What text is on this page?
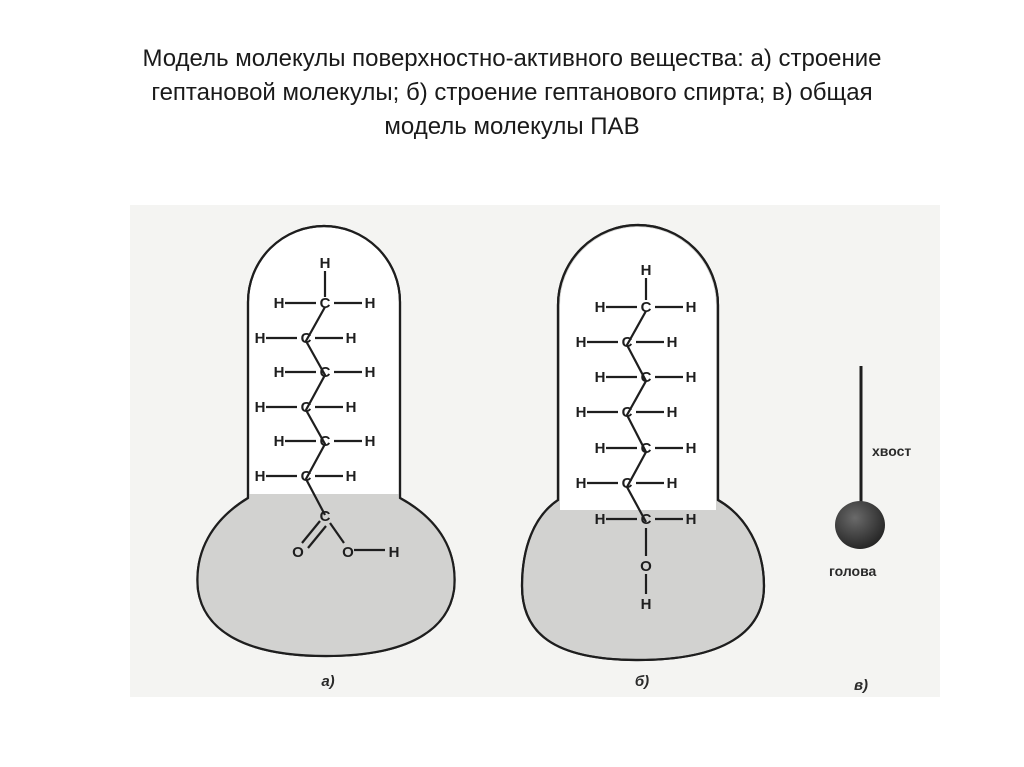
Модель молекулы поверхностно-активного вещества: а) строение
гептановой молекулы; б) строение гептанового спирта; в) общая
модель молекулы ПАВ
H
H C H
H C H
H C H
H C H
H C H
H C H
C
O	O H
а)
H
H C H
H C H
H C H
H C H
H C H
H C H
H C H
O
H
б)
хвост
голова
в)
